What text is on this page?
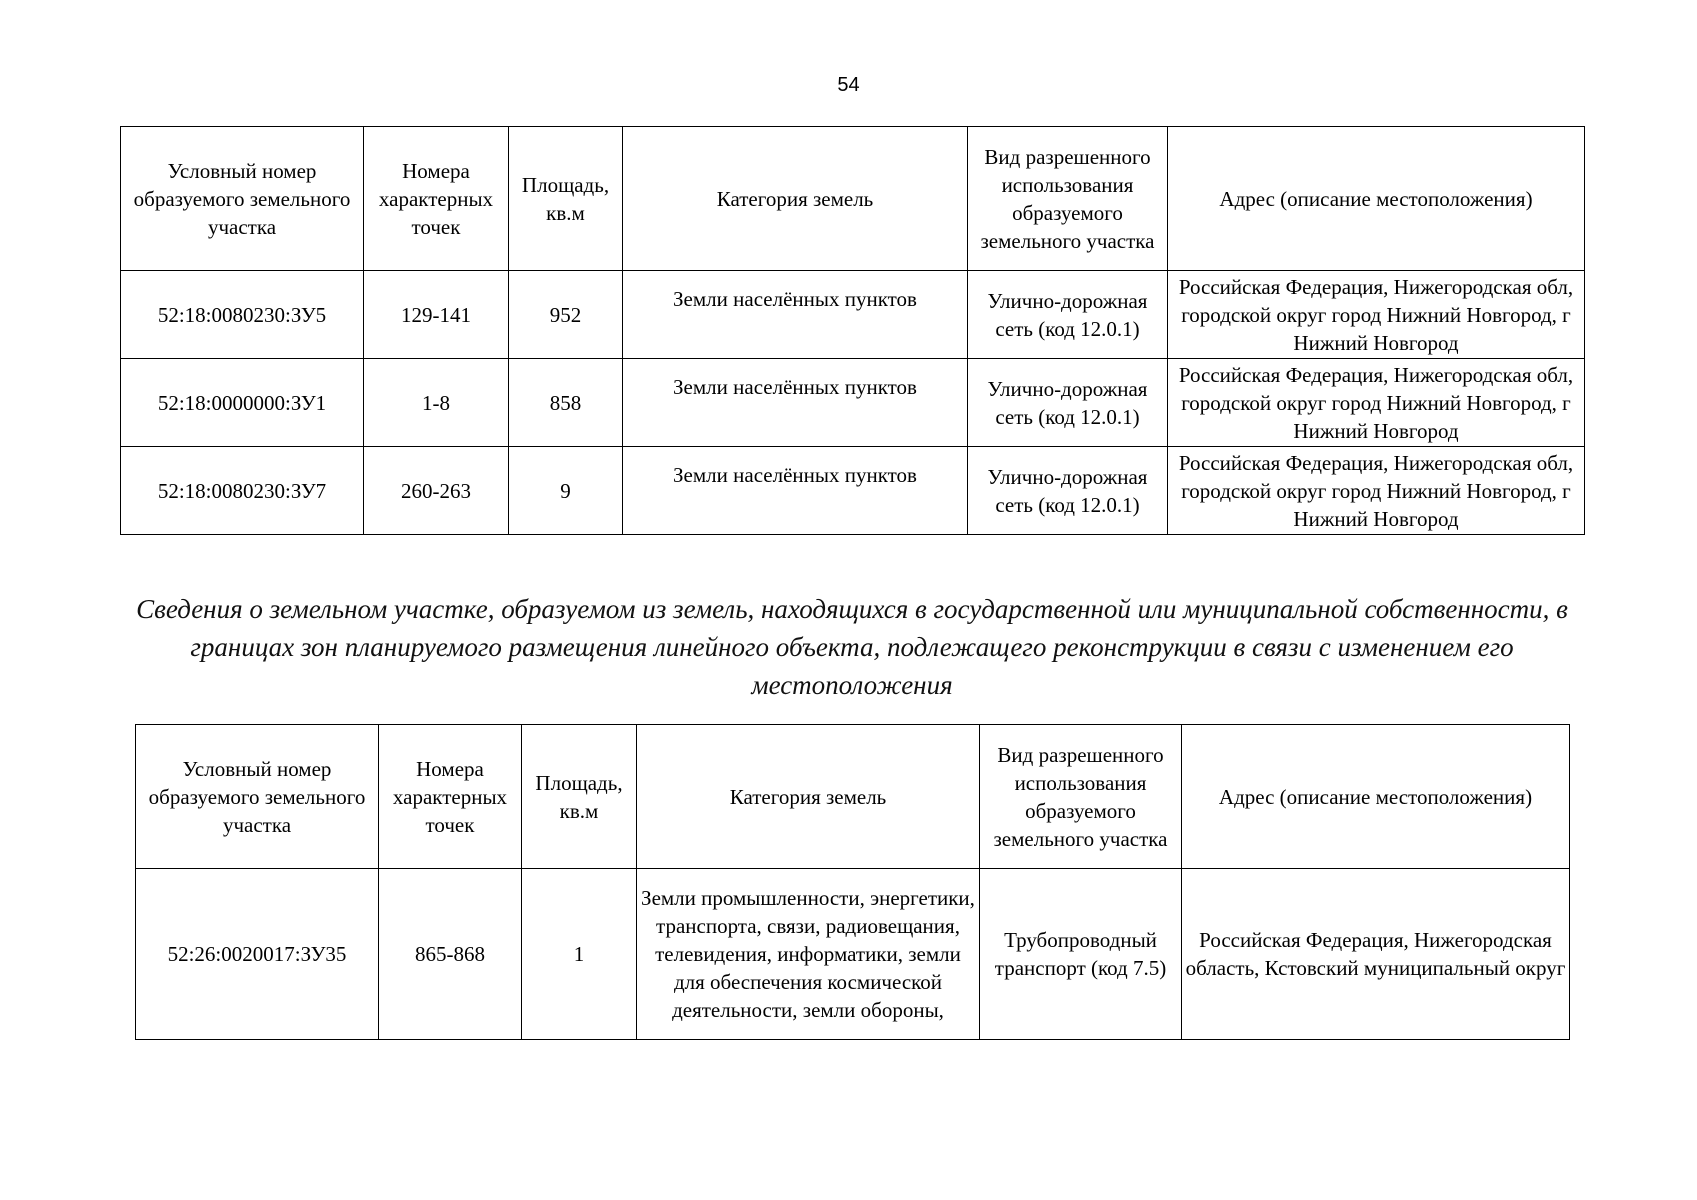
54
Условный номер образуемого земельного участка	Номера характерных точек	Площадь, кв.м	Категория земель	Вид разрешенного использования образуемого земельного участка	Адрес (описание местоположения)
52:18:0080230:ЗУ5	129-141	952	Земли населённых пунктов	Улично-дорожная сеть (код 12.0.1)	Российская Федерация, Нижегородская обл, городской округ город Нижний Новгород, г Нижний Новгород
52:18:0000000:ЗУ1	1-8	858	Земли населённых пунктов	Улично-дорожная сеть (код 12.0.1)	Российская Федерация, Нижегородская обл, городской округ город Нижний Новгород, г Нижний Новгород
52:18:0080230:ЗУ7	260-263	9	Земли населённых пунктов	Улично-дорожная сеть (код 12.0.1)	Российская Федерация, Нижегородская обл, городской округ город Нижний Новгород, г Нижний Новгород
Сведения о земельном участке, образуемом из земель, находящихся в государственной или муниципальной собственности, в границах зон планируемого размещения линейного объекта, подлежащего реконструкции в связи с изменением его местоположения
Условный номер образуемого земельного участка	Номера характерных точек	Площадь, кв.м	Категория земель	Вид разрешенного использования образуемого земельного участка	Адрес (описание местоположения)
52:26:0020017:ЗУ35	865-868	1	Земли промышленности, энергетики, транспорта, связи, радиовещания, телевидения, информатики, земли для обеспечения космической деятельности, земли обороны,	Трубопроводный транспорт (код 7.5)	Российская Федерация, Нижегородская область, Кстовский муниципальный округ
